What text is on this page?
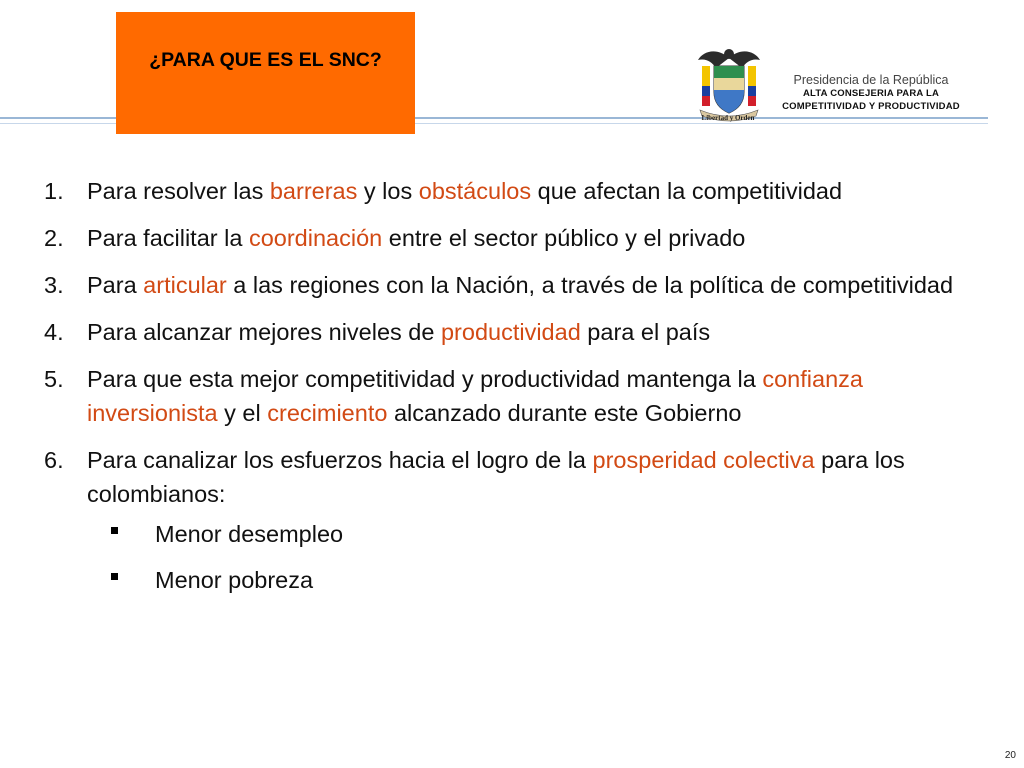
¿PARA QUE ES EL SNC?
Libertad y Orden
Presidencia de la República
ALTA CONSEJERIA PARA LA
COMPETITIVIDAD Y PRODUCTIVIDAD
1. Para resolver las barreras y los obstáculos que afectan la competitividad
2. Para facilitar la coordinación entre el sector público y el privado
3. Para articular a las regiones con la Nación, a través de la política de competitividad
4. Para alcanzar mejores niveles de productividad para el país
5. Para que esta mejor competitividad y productividad mantenga la confianza inversionista y el crecimiento alcanzado durante este Gobierno
6. Para canalizar los esfuerzos hacia el logro de la prosperidad colectiva para los colombianos:
Menor desempleo
Menor pobreza
20
